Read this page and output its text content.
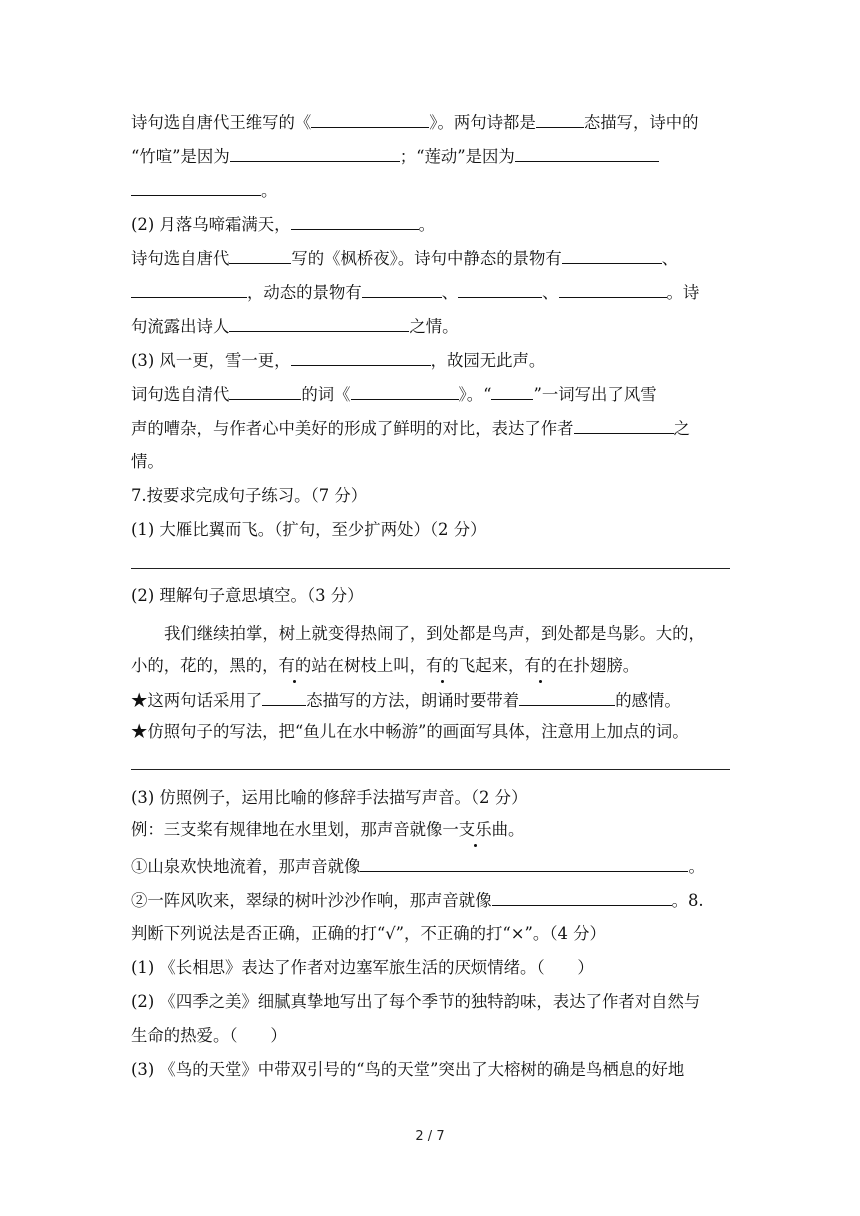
诗句选自唐代王维写的《	》。两句诗都是	态描写，诗中的
“竹喧”是因为	；“莲动”是因为
。
(2) 月落乌啼霜满天，	。
诗句选自唐代	写的《枫桥夜》。诗句中静态的景物有	、
，动态的景物有	、	、	。诗
句流露出诗人	之情。
(3) 风一更，雪一更，	，故园无此声。
词句选自清代	的词《	》。“	”一词写出了风雪
声的嘈杂，与作者心中美好的形成了鲜明的对比，表达了作者	之
情。
7.按要求完成句子练习。（7 分）
(1) 大雁比翼而飞。（扩句，至少扩两处）（2 分）
(2) 理解句子意思填空。（3 分）
我们继续拍掌，树上就变得热闹了，到处都是鸟声，到处都是鸟影。大的，
小的，花的，黑的，有的站在树枝上叫，有的飞起来，有的在扑翅膀。
★这两句话采用了	态描写的方法，朗诵时要带着	的感情。
★仿照句子的写法，把“鱼儿在水中畅游”的画面写具体，注意用上加点的词。
(3) 仿照例子，运用比喻的修辞手法描写声音。（2 分）
例：三支桨有规律地在水里划，那声音就像一支乐曲。
①山泉欢快地流着，那声音就像	。
②一阵风吹来，翠绿的树叶沙沙作响，那声音就像	。8.
判断下列说法是否正确，正确的打“√”，不正确的打“×”。（4 分）
(1) 《长相思》表达了作者对边塞军旅生活的厌烦情绪。（　　）
(2) 《四季之美》细腻真挚地写出了每个季节的独特韵味，表达了作者对自然与
生命的热爱。（　　）
(3) 《鸟的天堂》中带双引号的“鸟的天堂”突出了大榕树的确是鸟栖息的好地
2 / 7
